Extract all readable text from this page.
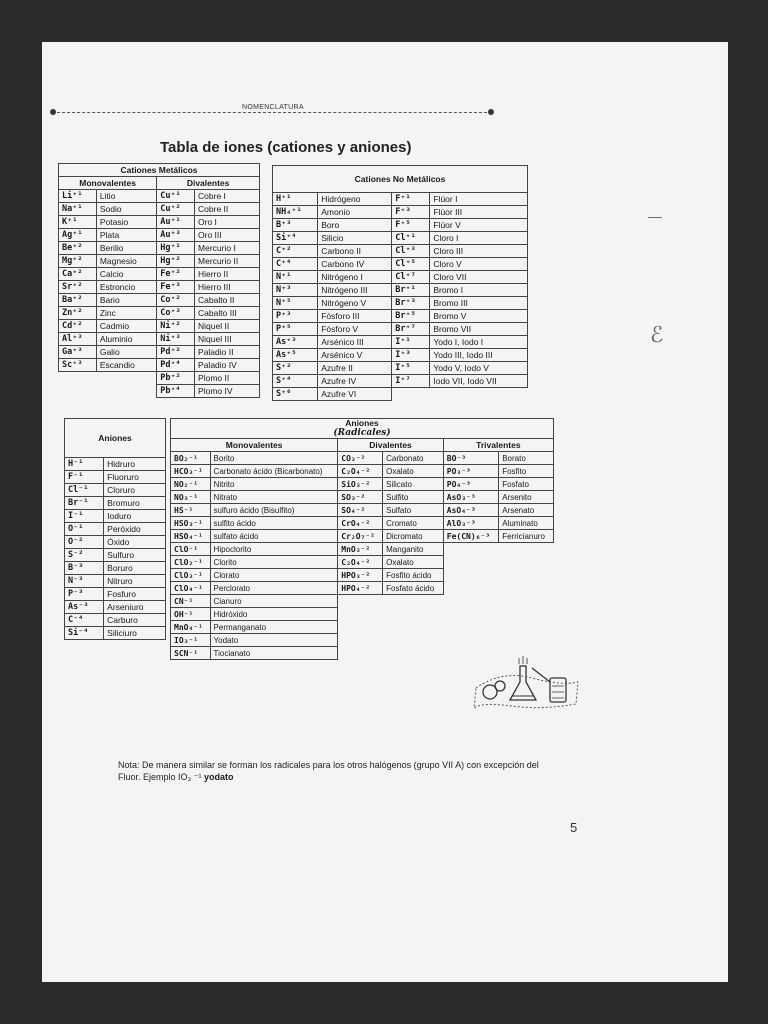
NOMENCLATURA
Tabla de iones (cationes y aniones)
Cationes Metálicos			
Monovalentes		Divalentes	
Li⁺¹	Litio	Cu⁺¹	Cobre I
Na⁺¹	Sodio	Cu⁺²	Cobre II
K⁺¹	Potasio	Au⁺¹	Oro I
Ag⁺¹	Plata	Au⁺³	Oro III
Be⁺²	Berilio	Hg⁺¹	Mercurio I
Mg⁺²	Magnesio	Hg⁺²	Mercurio II
Ca⁺²	Calcio	Fe⁺²	Hierro II
Sr⁺²	Estroncio	Fe⁺³	Hierro III
Ba⁺²	Bario	Co⁺²	Cabalto II
Zn⁺²	Zinc	Co⁺³	Cabalto III
Cd⁺²	Cadmio	Ni⁺²	Niquel II
Al⁺³	Aluminio	Ni⁺³	Niquel III
Ga⁺³	Galio	Pd⁺²	Paladio II
Sc⁺³	Escandio	Pd⁺⁴	Paladio IV
		Pb⁺²	Plomo II
		Pb⁺⁴	Plomo IV
Cationes No Metálicos			
H⁺¹	Hidrógeno	F⁺¹	Flúor I
NH₄⁺¹	Amonio	F⁺³	Flúor III
B⁺³	Boro	F⁺⁵	Flúor V
Si⁺⁴	Silicio	Cl⁺¹	Cloro I
C⁺²	Carbono II	Cl⁺³	Cloro III
C⁺⁴	Carbono IV	Cl⁺⁵	Cloro V
N⁺¹	Nitrógeno I	Cl⁺⁷	Cloro VII
N⁺³	Nitrógeno III	Br⁺¹	Bromo I
N⁺⁵	Nitrógeno V	Br⁺³	Bromo III
P⁺³	Fósforo III	Br⁺⁵	Bromo V
P⁺⁵	Fósforo V	Br⁺⁷	Bromo VII
As⁺³	Arsénico III	I⁺¹	Yodo I, Iodo I
As⁺⁵	Arsénico V	I⁺³	Yodo III, Iodo III
S⁺²	Azufre II	I⁺⁵	Yodo V, Iodo V
S⁺⁴	Azufre IV	I⁺⁷	Iodo VII, Iodo VII
S⁺⁶	Azufre VI		
Aniones	
H⁻¹	Hidruro
F⁻¹	Fluoruro
Cl⁻¹	Cloruro
Br⁻¹	Bromuro
I⁻¹	Ioduro
O⁻¹	Peróxido
O⁻²	Óxido
S⁻²	Sulfuro
B⁻³	Boruro
N⁻³	Nitruro
P⁻³	Fosfuro
As⁻³	Arseniuro
C⁻⁴	Carburo
Si⁻⁴	Siliciuro
Aniones
(Radicales)					
Monovalentes		Divalentes		Trivalentes	
BO₂⁻¹	Borito	CO₃⁻²	Carbonato	BO⁻³	Borato
HCO₃⁻¹	Carbonato ácido (Bicarbonato)	C₂O₄⁻²	Oxalato	PO₃⁻³	Fosfito
NO₂⁻¹	Nitrito	SiO₃⁻²	Silicato	PO₄⁻³	Fosfato
NO₃⁻¹	Nitrato	SO₃⁻²	Sulfito	AsO₃⁻³	Arsenito
HS⁻¹	sulfuro ácido (Bisulfito)	SO₄⁻²	Sulfato	AsO₄⁻³	Arsenato
HSO₃⁻¹	sulfito ácido	CrO₄⁻²	Cromato	AlO₃⁻³	Aluminato
HSO₄⁻¹	sulfato ácido	Cr₂O₇⁻²	Dicromato	Fe(CN)₆⁻³	Ferricianuro
ClO⁻¹	Hipoclorito	MnO₃⁻²	Manganito		
ClO₂⁻¹	Clorito	C₂O₄⁻²	Oxalato		
ClO₃⁻¹	Clorato	HPO₃⁻²	Fosfito ácido		
ClO₄⁻¹	Perclorato	HPO₄⁻²	Fosfato ácido		
CN⁻¹	Cianuro				
OH⁻¹	Hidróxido				
MnO₄⁻¹	Permanganato				
IO₃⁻¹	Yodato				
SCN⁻¹	Tiocianato				
Nota: De manera similar se forman los radicales para los otros halógenos (grupo VII A) con excepción del Fluor. Ejemplo IO₃ ⁻¹ yodato
5
—
ℰ
